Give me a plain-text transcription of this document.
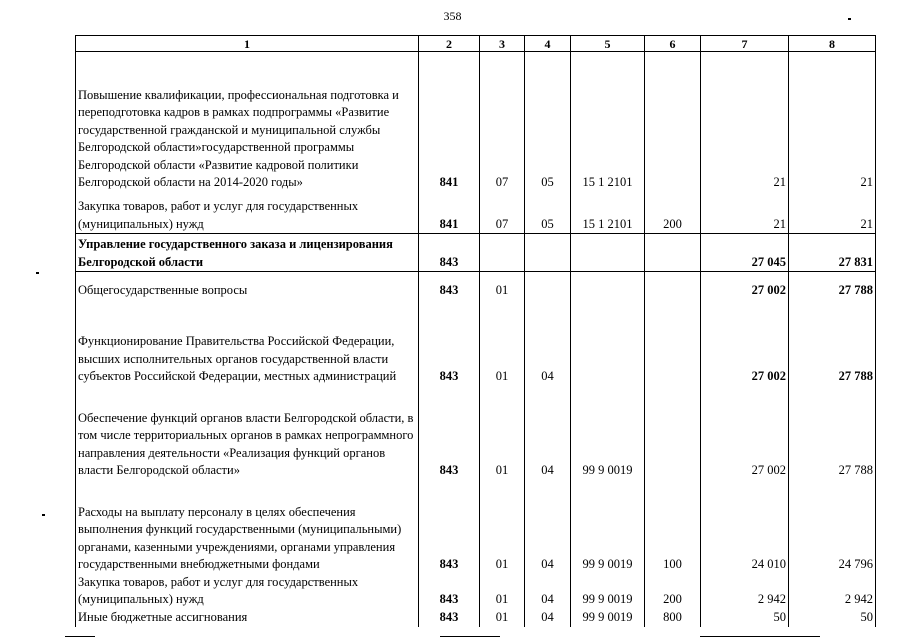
358
1	2	3	4	5	6	7	8
Повышение квалификации, профессиональная подготовка и переподготовка кадров в рамках подпрограммы «Развитие государственной гражданской и муниципальной службы Белгородской области»государственной программы Белгородской области «Развитие кадровой политики Белгородской области на 2014-2020 годы»	841	07	05	15 1 2101		21	21
Закупка товаров, работ и услуг для государственных (муниципальных) нужд	841	07	05	15 1 2101	200	21	21
Управление государственного заказа и лицензирования Белгородской области	843					27 045	27 831
Общегосударственные вопросы	843	01				27 002	27 788
Функционирование Правительства Российской Федерации, высших исполнительных органов государственной власти субъектов Российской Федерации, местных администраций	843	01	04			27 002	27 788
Обеспечение функций органов власти Белгородской области, в том числе территориальных органов в рамках непрограммного направления деятельности «Реализация функций органов власти Белгородской области»	843	01	04	99 9 0019		27 002	27 788
Расходы на выплату персоналу в целях обеспечения выполнения функций государственными (муниципальными) органами, казенными учреждениями, органами управления государственными внебюджетными фондами	843	01	04	99 9 0019	100	24 010	24 796
Закупка товаров, работ и услуг для государственных (муниципальных) нужд	843	01	04	99 9 0019	200	2 942	2 942
Иные бюджетные ассигнования	843	01	04	99 9 0019	800	50	50
